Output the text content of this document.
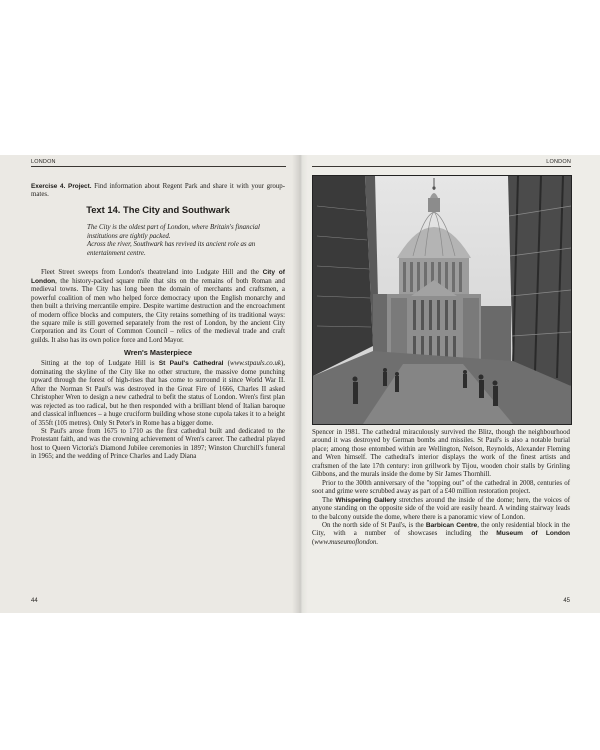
LONDON

Exercise 4. Project. Find information about Regent Park and share it with your group-mates.

Text 14. The City and Southwark
The City is the oldest part of London, where Britain's financial institutions are tightly packed.
Across the river, Southwark has revived its ancient role as an entertainment centre.

Fleet Street sweeps from London's theatreland into Ludgate Hill and the City of London, the history-packed square mile that sits on the remains of both Roman and medieval towns. The City has long been the domain of merchants and craftsmen, a powerful coalition of men who helped force democracy upon the English monarchy and then built a thriving mercantile empire. Despite wartime destruction and the encroachment of modern office blocks and computers, the City retains something of its traditional ways: the square mile is still governed separately from the rest of London, by the ancient City Corporation and its Court of Common Council – relics of the medieval trade and craft guilds. It also has its own police force and Lord Mayor.

Wren's Masterpiece

Sitting at the top of Ludgate Hill is St Paul's Cathedral (www.stpauls.co.uk), dominating the skyline of the City like no other structure, the massive dome punching upward through the forest of high-rises that has come to surround it since World War II. After the Norman St Paul's was destroyed in the Great Fire of 1666, Charles II asked Christopher Wren to design a new cathedral to befit the status of London. Wren's first plan was rejected as too radical, but he then responded with a brilliant blend of Italian baroque and classical influences – a huge cruciform building whose stone cupola takes it to a height of 355ft (105 metres). Only St Peter's in Rome has a bigger dome.

St Paul's arose from 1675 to 1710 as the first cathedral built and dedicated to the Protestant faith, and was the crowning achievement of Wren's career. The cathedral played host to Queen Victoria's Diamond Jubilee ceremonies in 1897; Winston Churchill's funeral in 1965; and the wedding of Prince Charles and Lady Diana

44
LONDON

Spencer in 1981. The cathedral miraculously survived the Blitz, though the neighbourhood around it was destroyed by German bombs and missiles. St Paul's is also a notable burial place; among those entombed within are Wellington, Nelson, Reynolds, Alexander Fleming and Wren himself. The cathedral's interior displays the work of the finest artists and craftsmen of the late 17th century: iron grillwork by Tijou, wooden choir stalls by Grinling Gibbons, and the murals inside the dome by Sir James Thornhill.

Prior to the 300th anniversary of the "topping out" of the cathedral in 2008, centuries of soot and grime were scrubbed away as part of a £40 million restoration project.

The Whispering Gallery stretches around the inside of the dome; here, the voices of anyone standing on the opposite side of the void are easily heard. A winding stairway leads to the balcony outside the dome, where there is a panoramic view of London.

On the north side of St Paul's, is the Barbican Centre, the only residential block in the City, with a number of showcases including the Museum of London (www.museumoflondon.

45
